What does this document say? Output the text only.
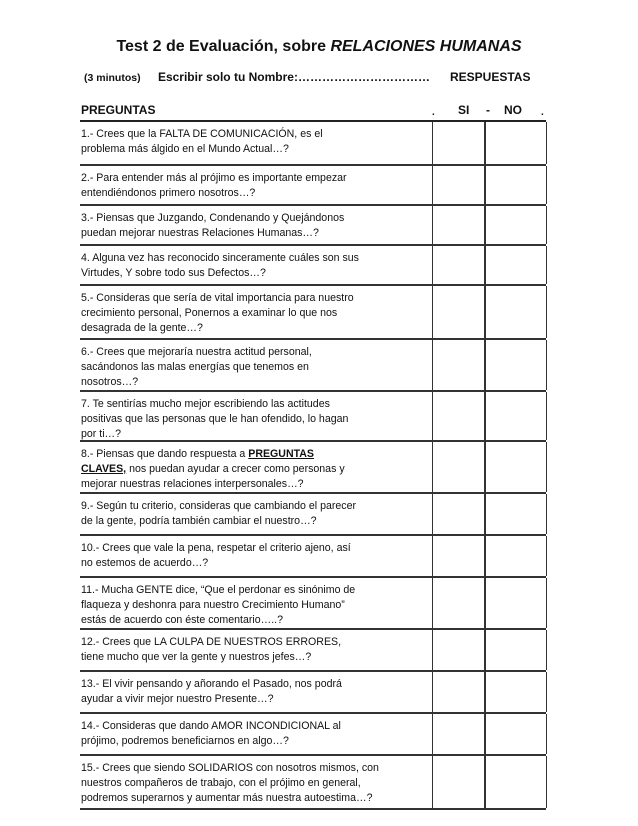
Test 2 de Evaluación, sobre RELACIONES HUMANAS
(3 minutos) Escribir solo tu Nombre:…………………………… RESPUESTAS
PREGUNTAS	. SI - NO .
1.- Crees que la FALTA DE COMUNICACIÓN, es el
problema más álgido en el Mundo Actual…?
2.- Para entender más al prójimo es importante empezar
entendiéndonos primero nosotros…?
3.- Piensas que Juzgando, Condenando y Quejándonos
puedan mejorar nuestras Relaciones Humanas…?
4. Alguna vez has reconocido sinceramente cuáles son sus
Virtudes, Y sobre todo sus Defectos…?
5.- Consideras que sería de vital importancia para nuestro
crecimiento personal, Ponernos a examinar lo que nos
desagrada de la gente…?
6.- Crees que mejoraría nuestra actitud personal,
sacándonos las malas energías que tenemos en
nosotros…?
7. Te sentirías mucho mejor escribiendo las actitudes
positivas que las personas que le han ofendido, lo hagan
por ti…?
8.- Piensas que dando respuesta a PREGUNTAS
CLAVES, nos puedan ayudar a crecer como personas y
mejorar nuestras relaciones interpersonales…?
9.- Según tu criterio, consideras que cambiando el parecer
de la gente, podría también cambiar el nuestro…?
10.- Crees que vale la pena, respetar el criterio ajeno, así
no estemos de acuerdo…?
11.- Mucha GENTE dice, “Que el perdonar es sinónimo de
flaqueza y deshonra para nuestro Crecimiento Humano”
estás de acuerdo con éste comentario…..?
12.- Crees que LA CULPA DE NUESTROS ERRORES,
tiene mucho que ver la gente y nuestros jefes…?
13.- El vivir pensando y añorando el Pasado, nos podrá
ayudar a vivir mejor nuestro Presente…?
14.- Consideras que dando AMOR INCONDICIONAL al
prójimo, podremos beneficiarnos en algo…?
15.- Crees que siendo SOLIDARIOS con nosotros mismos, con
nuestros compañeros de trabajo, con el prójimo en general,
podremos superarnos y aumentar más nuestra autoestima…?
